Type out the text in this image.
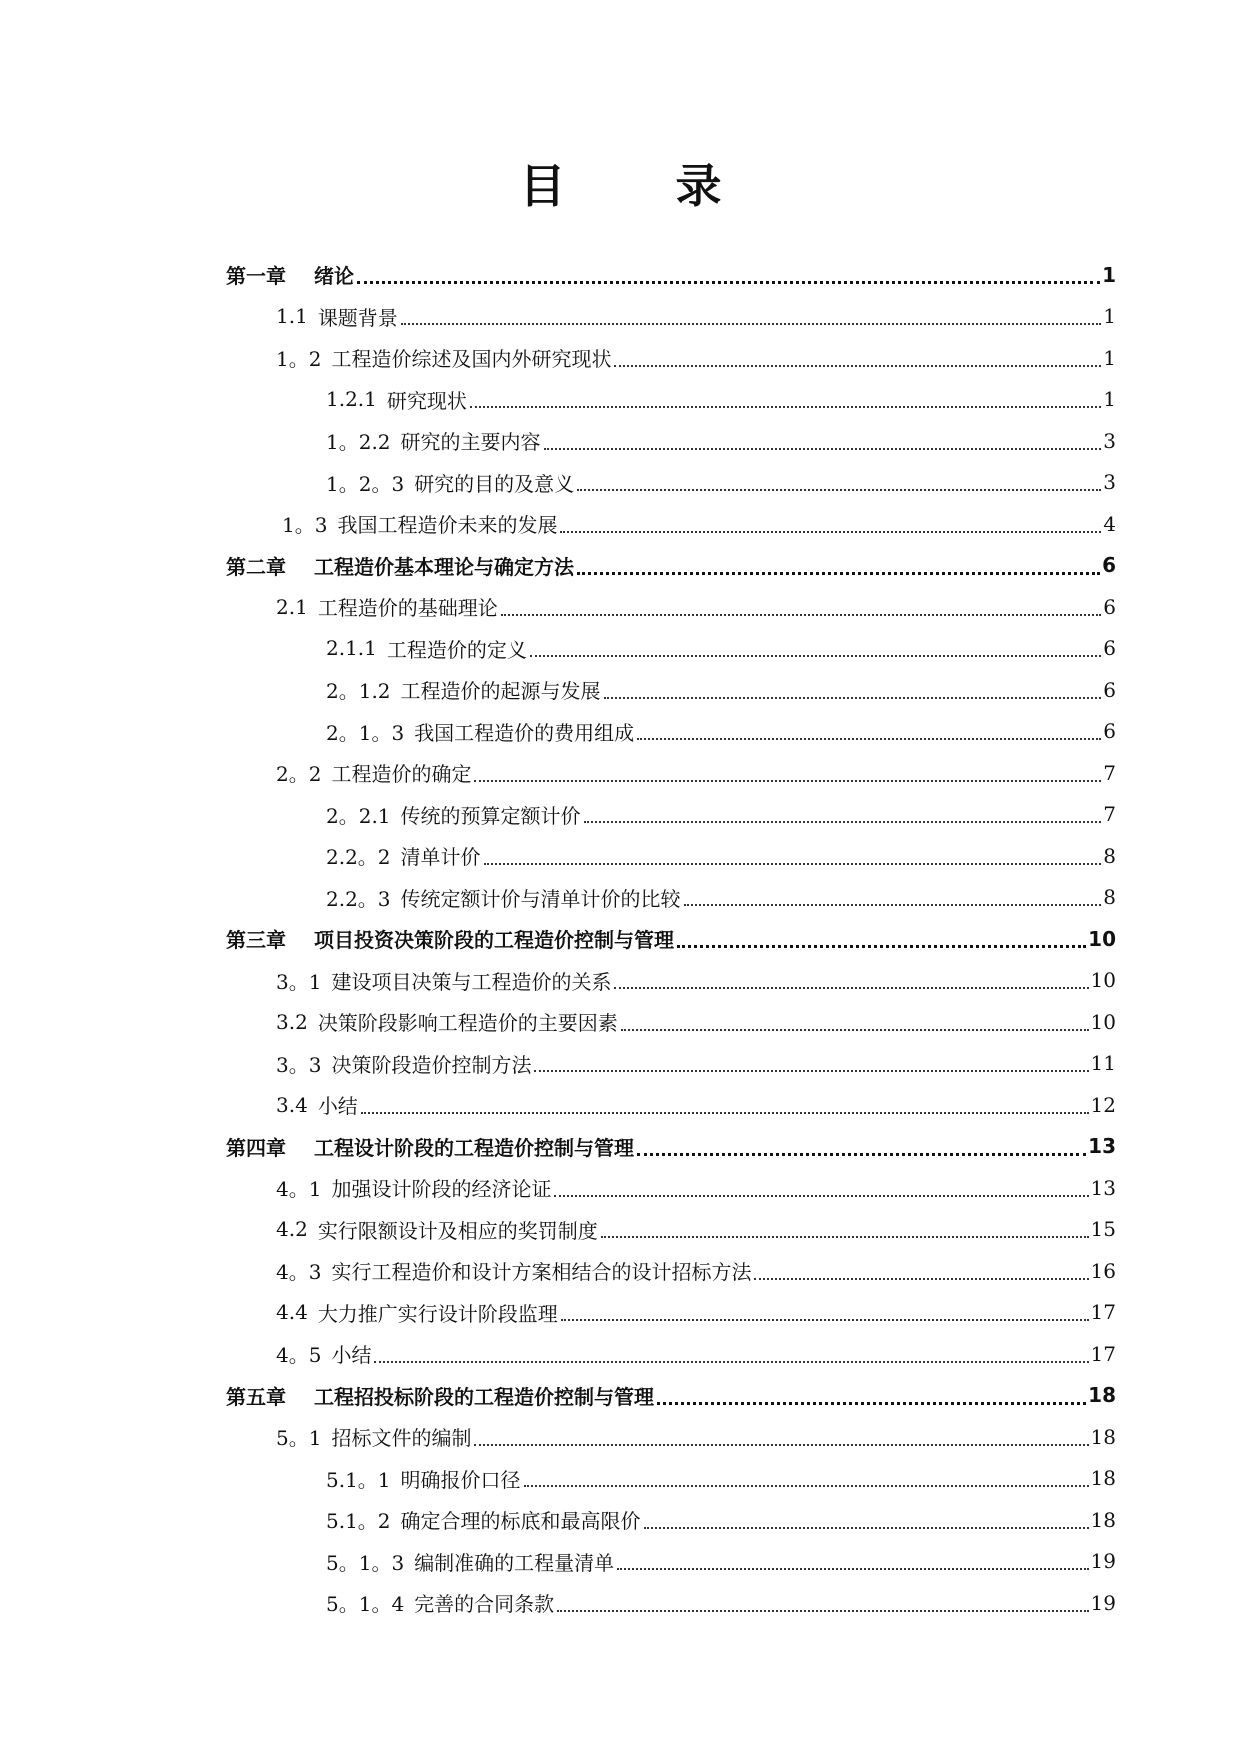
目 录
第一章	绪论	1
1.1 课题背景	1
1。2 工程造价综述及国内外研究现状	1
1.2.1 研究现状	1
1。2.2 研究的主要内容	3
1。2。3 研究的目的及意义	3
1。3 我国工程造价未来的发展	4
第二章	工程造价基本理论与确定方法	6
2.1 工程造价的基础理论	6
2.1.1 工程造价的定义	6
2。1.2 工程造价的起源与发展	6
2。1。3 我国工程造价的费用组成	6
2。2 工程造价的确定	7
2。2.1 传统的预算定额计价	7
2.2。2 清单计价	8
2.2。3 传统定额计价与清单计价的比较	8
第三章	项目投资决策阶段的工程造价控制与管理	10
3。1 建设项目决策与工程造价的关系	10
3.2 决策阶段影响工程造价的主要因素	10
3。3 决策阶段造价控制方法	11
3.4 小结	12
第四章	工程设计阶段的工程造价控制与管理	13
4。1 加强设计阶段的经济论证	13
4.2 实行限额设计及相应的奖罚制度	15
4。3 实行工程造价和设计方案相结合的设计招标方法	16
4.4 大力推广实行设计阶段监理	17
4。5 小结	17
第五章	工程招投标阶段的工程造价控制与管理	18
5。1 招标文件的编制	18
5.1。1 明确报价口径	18
5.1。2 确定合理的标底和最高限价	18
5。1。3 编制准确的工程量清单	19
5。1。4 完善的合同条款	19
